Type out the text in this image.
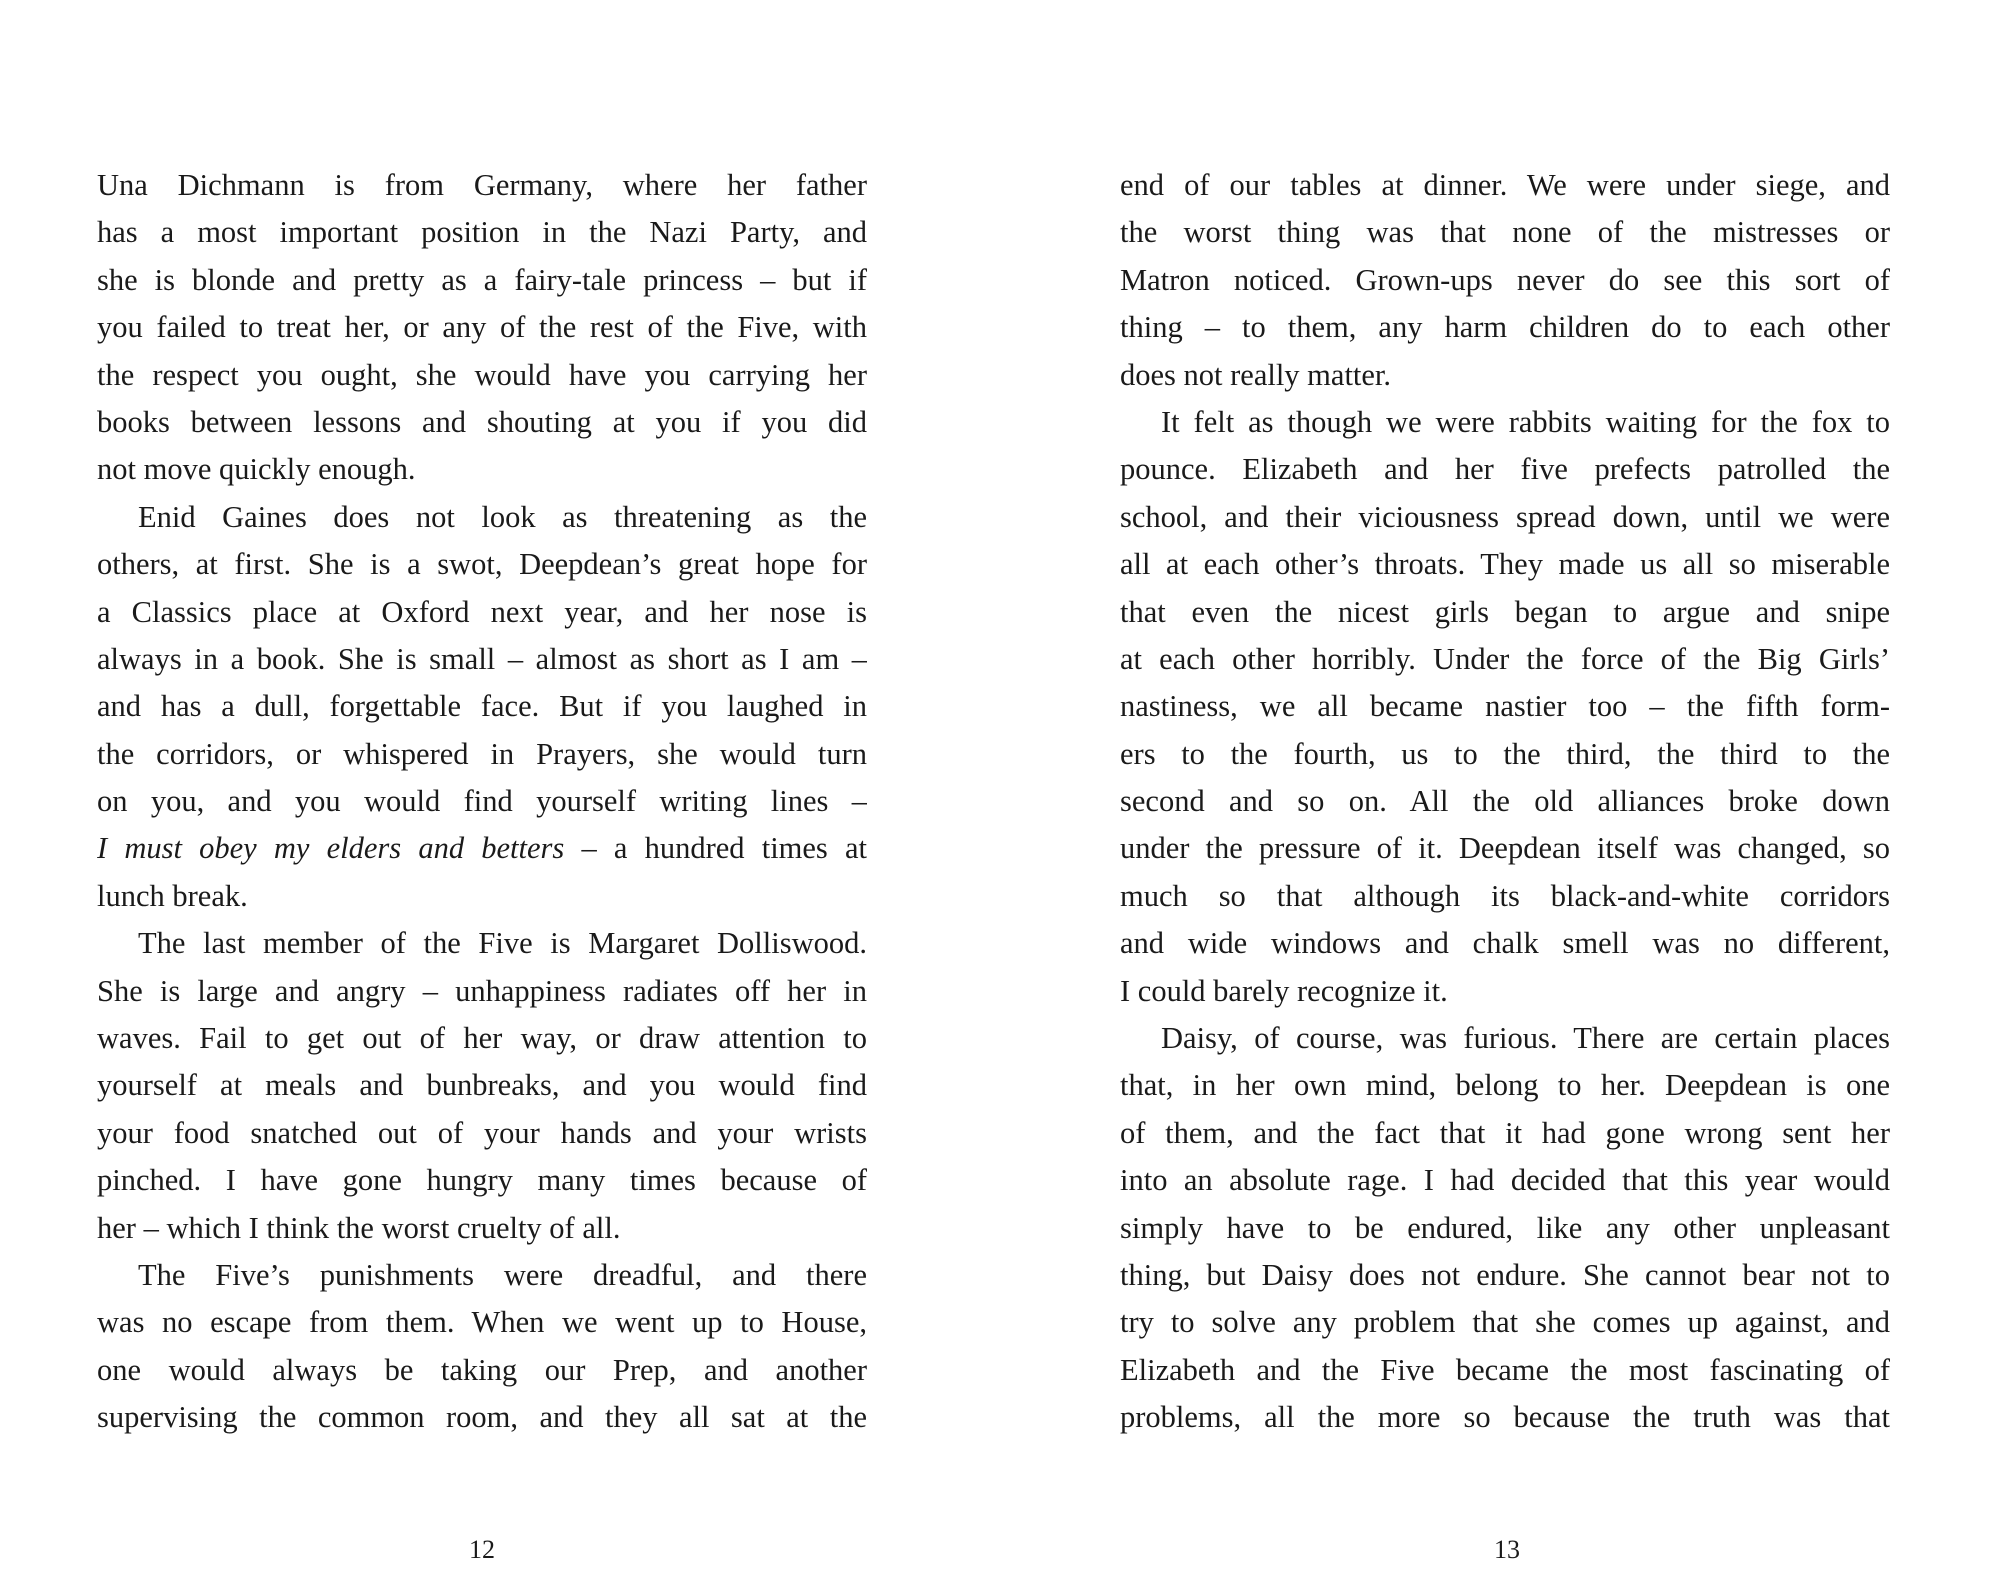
Una Dichmann is from Germany, where her father
has a most important position in the Nazi Party, and
she is blonde and pretty as a fairy-tale princess – but if
you failed to treat her, or any of the rest of the Five, with
the respect you ought, she would have you carrying her
books between lessons and shouting at you if you did
not move quickly enough.
Enid Gaines does not look as threatening as the
others, at first. She is a swot, Deepdean’s great hope for
a Classics place at Oxford next year, and her nose is
always in a book. She is small – almost as short as I am –
and has a dull, forgettable face. But if you laughed in
the corridors, or whispered in Prayers, she would turn
on you, and you would find yourself writing lines –
I must obey my elders and betters – a hundred times at
lunch break.
The last member of the Five is Margaret Dolliswood.
She is large and angry – unhappiness radiates off her in
waves. Fail to get out of her way, or draw attention to
yourself at meals and bunbreaks, and you would find
your food snatched out of your hands and your wrists
pinched. I have gone hungry many times because of
her – which I think the worst cruelty of all.
The Five’s punishments were dreadful, and there
was no escape from them. When we went up to House,
one would always be taking our Prep, and another
supervising the common room, and they all sat at the
12
end of our tables at dinner. We were under siege, and
the worst thing was that none of the mistresses or
Matron noticed. Grown-ups never do see this sort of
thing – to them, any harm children do to each other
does not really matter.
It felt as though we were rabbits waiting for the fox to
pounce. Elizabeth and her five prefects patrolled the
school, and their viciousness spread down, until we were
all at each other’s throats. They made us all so miserable
that even the nicest girls began to argue and snipe
at each other horribly. Under the force of the Big Girls’
nastiness, we all became nastier too – the fifth form-
ers to the fourth, us to the third, the third to the
second and so on. All the old alliances broke down
under the pressure of it. Deepdean itself was changed, so
much so that although its black-and-white corridors
and wide windows and chalk smell was no different,
I could barely recognize it.
Daisy, of course, was furious. There are certain places
that, in her own mind, belong to her. Deepdean is one
of them, and the fact that it had gone wrong sent her
into an absolute rage. I had decided that this year would
simply have to be endured, like any other unpleasant
thing, but Daisy does not endure. She cannot bear not to
try to solve any problem that she comes up against, and
Elizabeth and the Five became the most fascinating of
problems, all the more so because the truth was that
13
